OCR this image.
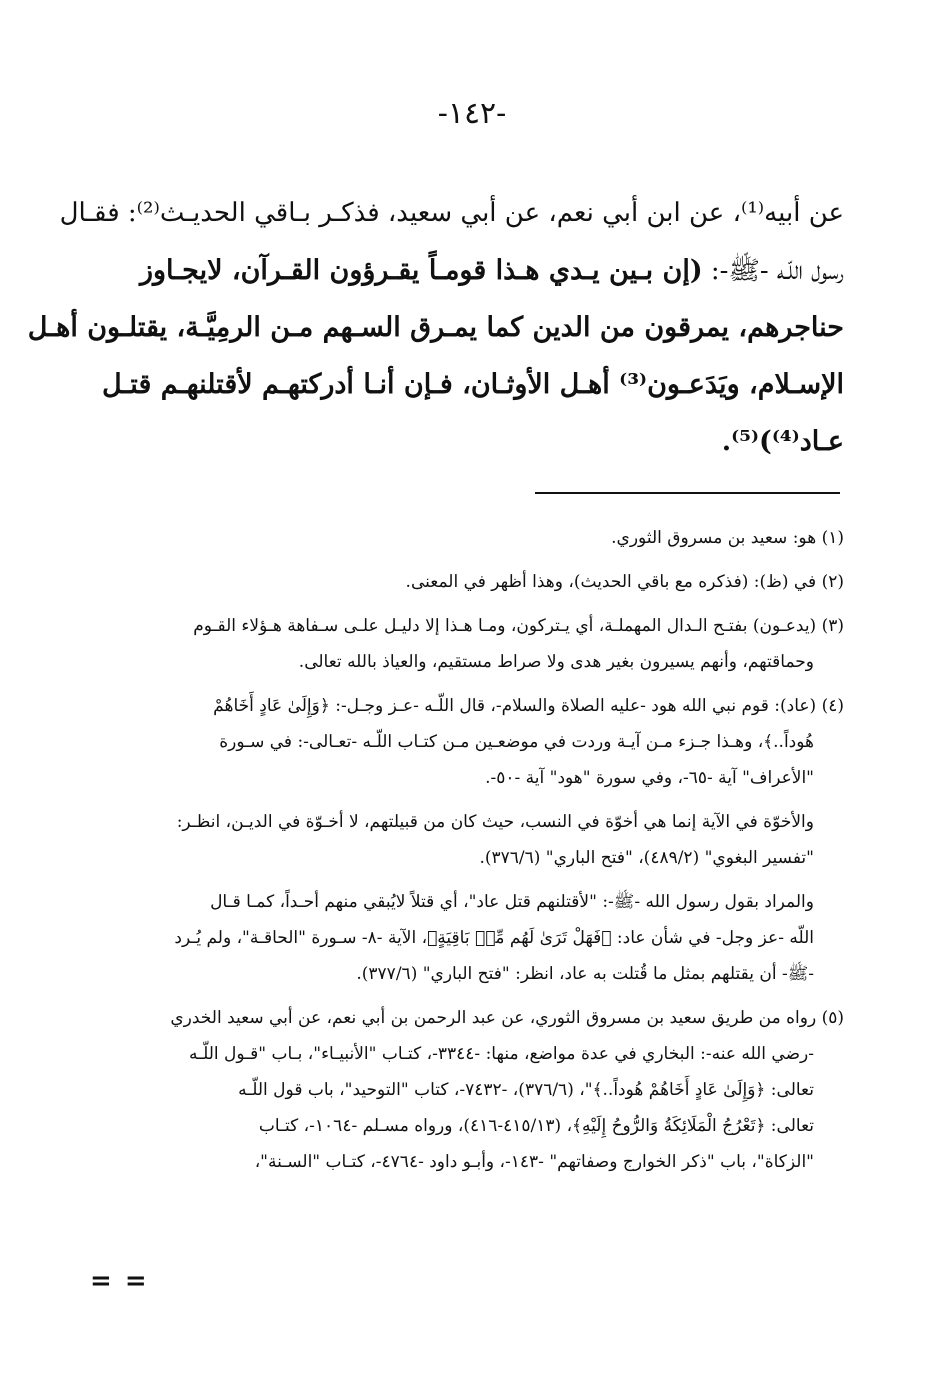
-١٤٢-
عن أبيه⁽¹⁾، عن ابن أبي نعم، عن أبي سعيد، فذكـر بـاقي الحديـث⁽²⁾: فقـال
رسول اللّـه -ﷺ-: (إن بـين يـدي هـذا قومـاً يقـرؤون القـرآن، لايجـاوز
حناجرهم، يمرقون من الدين كما يمـرق السـهم مـن الرمِيَّـة، يقتلـون أهـل
الإسـلام، ويَدَعـون⁽³⁾ أهـل الأوثـان، فـإن أنـا أدركتهـم لأقتلنهـم قتـل
عـاد⁽⁴⁾)⁽⁵⁾.
(١) هو: سعيد بن مسروق الثوري.
(٢) في (ظ): (فذكره مع باقي الحديث)، وهذا أظهر في المعنى.
(٣) (يدعـون) بفتـح الـدال المهملـة، أي يـتركون، ومـا هـذا إلا دليـل علـى سـفاهة هـؤلاء القـوم
وحماقتهم، وأنهم يسيرون بغير هدى ولا صراط مستقيم، والعياذ بالله تعالى.
(٤) (عاد): قوم نبي الله هود -عليه الصلاة والسلام-، قال اللّـه -عـز وجـل-: ﴿وَإِلَىٰ عَادٍ أَخَاهُمْ
هُوداً..﴾، وهـذا جـزء مـن آيـة وردت في موضعـين مـن كتـاب اللّـه -تعـالى-: في سـورة
"الأعراف" آية -٦٥-، وفي سورة "هود" آية -٥٠-.
والأخوّة في الآية إنما هي أخوّة في النسب، حيث كان من قبيلتهم، لا أخـوّة في الديـن، انظـر:
"تفسير البغوي" (٤٨٩/٢)، "فتح الباري" (٣٧٦/٦).
والمراد بقول رسول الله -ﷺ-: "لأقتلنهم قتل عاد"، أي قتلاً لايُبقي منهم أحـداً، كمـا قـال
اللّه -عز وجل- في شأن عاد: ﴿فَهَلْ تَرَىٰ لَهُم مِّنۢ بَاقِيَةٍ﴾، الآية -٨- سـورة "الحاقـة"، ولم يُـرد
-ﷺ- أن يقتلهم بمثل ما قُتلت به عاد، انظر: "فتح الباري" (٣٧٧/٦).
(٥) رواه من طريق سعيد بن مسروق الثوري، عن عبد الرحمن بن أبي نعم، عن أبي سعيد الخدري
-رضي الله عنه-: البخاري في عدة مواضع، منها: -٣٣٤٤-، كتـاب "الأنبيـاء"، بـاب "قـول اللّـه
تعالى: ﴿وَإِلَىٰ عَادٍ أَخَاهُمْ هُوداً..﴾"، (٣٧٦/٦)، -٧٤٣٢-، كتاب "التوحيد"، باب قول اللّـه
تعالى: ﴿تَعْرُجُ الْمَلَائِكَةُ وَالرُّوحُ إِلَيْهِ﴾، (٤١٥/١٣-٤١٦)، ورواه مسـلم -١٠٦٤-، كتـاب
"الزكاة"، باب "ذكر الخوارج وصفاتهم" -١٤٣-، وأبـو داود -٤٧٦٤-، كتـاب "السـنة"،
= =
